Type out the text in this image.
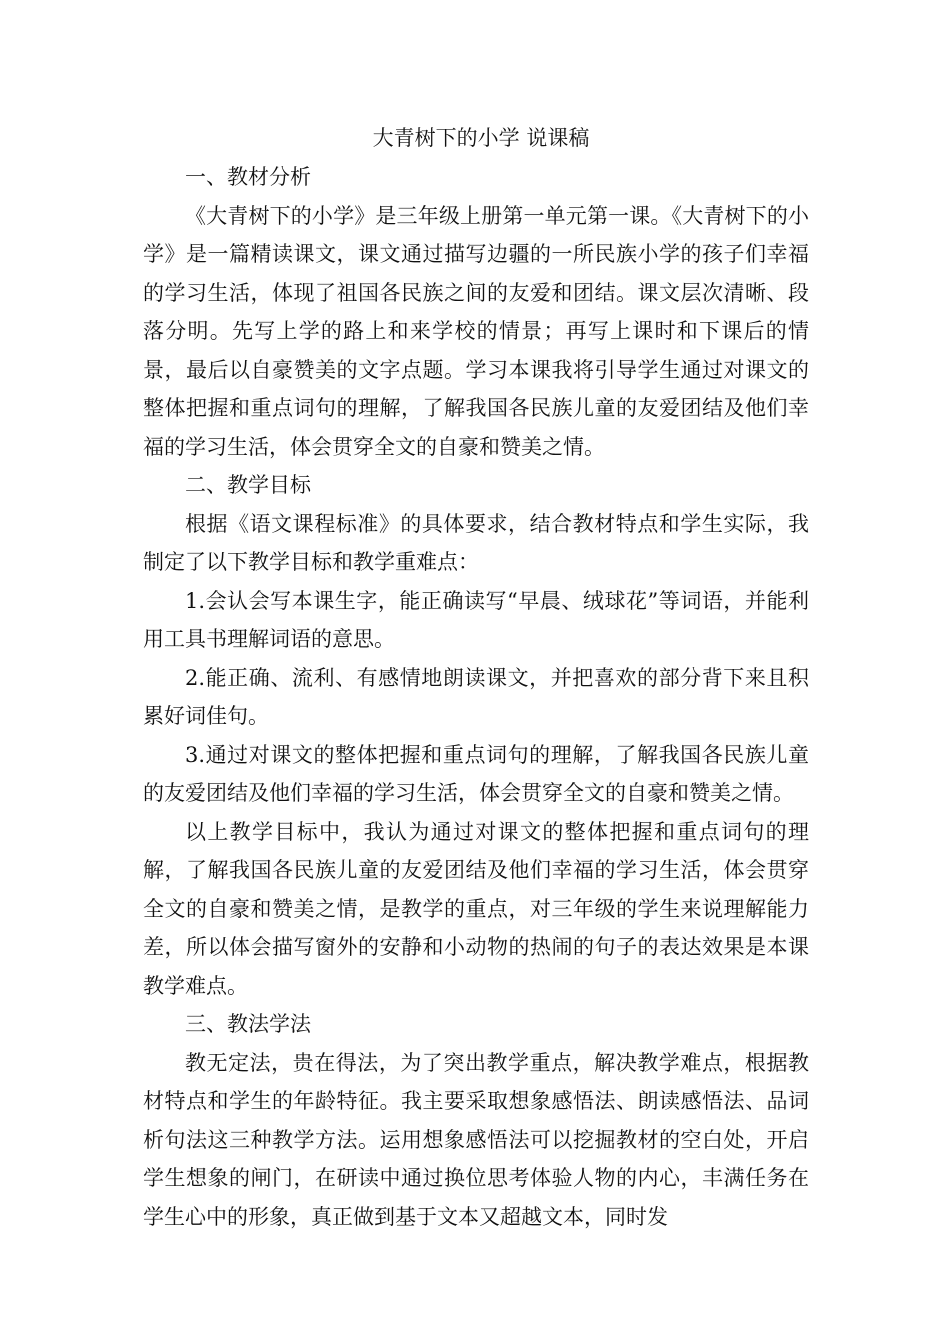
大青树下的小学 说课稿

一、教材分析

《大青树下的小学》是三年级上册第一单元第一课。《大青树下的小学》是一篇精读课文，课文通过描写边疆的一所民族小学的孩子们幸福的学习生活，体现了祖国各民族之间的友爱和团结。课文层次清晰、段落分明。先写上学的路上和来学校的情景；再写上课时和下课后的情景，最后以自豪赞美的文字点题。学习本课我将引导学生通过对课文的整体把握和重点词句的理解，了解我国各民族儿童的友爱团结及他们幸福的学习生活，体会贯穿全文的自豪和赞美之情。

二、教学目标

根据《语文课程标准》的具体要求，结合教材特点和学生实际，我制定了以下教学目标和教学重难点：

1.会认会写本课生字，能正确读写“早晨、绒球花”等词语，并能利用工具书理解词语的意思。

2.能正确、流利、有感情地朗读课文，并把喜欢的部分背下来且积累好词佳句。

3.通过对课文的整体把握和重点词句的理解，了解我国各民族儿童的友爱团结及他们幸福的学习生活，体会贯穿全文的自豪和赞美之情。

以上教学目标中，我认为通过对课文的整体把握和重点词句的理解，了解我国各民族儿童的友爱团结及他们幸福的学习生活，体会贯穿全文的自豪和赞美之情，是教学的重点，对三年级的学生来说理解能力差，所以体会描写窗外的安静和小动物的热闹的句子的表达效果是本课教学难点。

三、教法学法

教无定法，贵在得法，为了突出教学重点，解决教学难点，根据教材特点和学生的年龄特征。我主要采取想象感悟法、朗读感悟法、品词析句法这三种教学方法。运用想象感悟法可以挖掘教材的空白处，开启学生想象的闸门，在研读中通过换位思考体验人物的内心，丰满任务在学生心中的形象，真正做到基于文本又超越文本，同时发
